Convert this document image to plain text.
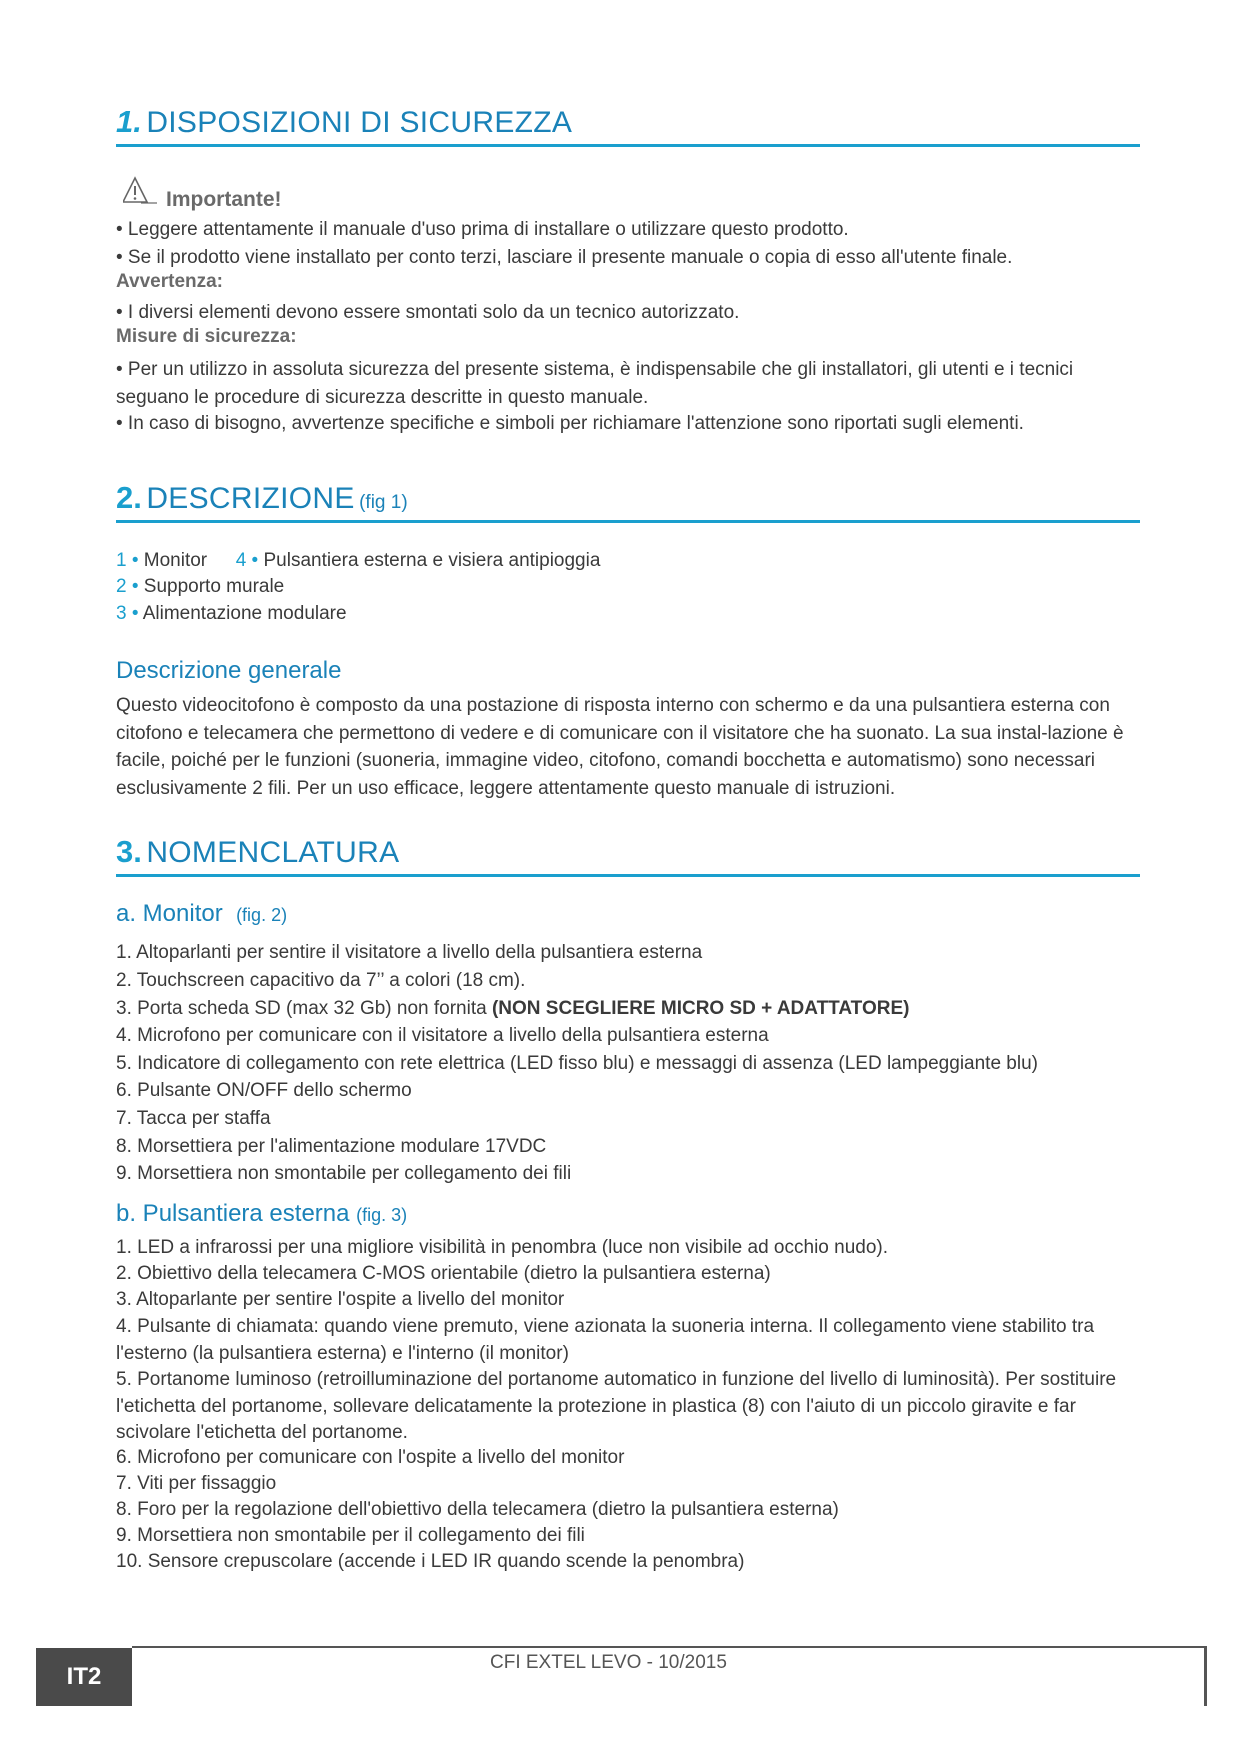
1. DISPOSIZIONI DI SICUREZZA
Importante!
• Leggere attentamente il manuale d'uso prima di installare o utilizzare questo prodotto.
• Se il prodotto viene installato per conto terzi, lasciare il presente manuale o copia di esso all'utente finale.
Avvertenza:
• I diversi elementi devono essere smontati solo da un tecnico autorizzato.
Misure di sicurezza:
• Per un utilizzo in assoluta sicurezza del presente sistema, è indispensabile che gli installatori, gli utenti e i tecnici seguano le procedure di sicurezza descritte in questo manuale.
• In caso di bisogno, avvertenze specifiche e simboli per richiamare l'attenzione sono riportati sugli elementi.
2. DESCRIZIONE (fig 1)
1 • Monitor 4 • Pulsantiera esterna e visiera antipioggia
2 • Supporto murale
3 • Alimentazione modulare
Descrizione generale
Questo videocitofono è composto da una postazione di risposta interno con schermo e da una pulsantiera esterna con citofono e telecamera che permettono di vedere e di comunicare con il visitatore che ha suonato. La sua instal-lazione è facile, poiché per le funzioni (suoneria, immagine video, citofono, comandi bocchetta e automatismo) sono necessari esclusivamente 2 fili. Per un uso efficace, leggere attentamente questo manuale di istruzioni.
3. NOMENCLATURA
a. Monitor (fig. 2)
1. Altoparlanti per sentire il visitatore a livello della pulsantiera esterna
2. Touchscreen capacitivo da 7’’ a colori (18 cm).
3. Porta scheda SD (max 32 Gb) non fornita (NON SCEGLIERE MICRO SD + ADATTATORE)
4. Microfono per comunicare con il visitatore a livello della pulsantiera esterna
5. Indicatore di collegamento con rete elettrica (LED fisso blu) e messaggi di assenza (LED lampeggiante blu)
6. Pulsante ON/OFF dello schermo
7. Tacca per staffa
8. Morsettiera per l'alimentazione modulare 17VDC
9. Morsettiera non smontabile per collegamento dei fili
b. Pulsantiera esterna (fig. 3)
1. LED a infrarossi per una migliore visibilità in penombra (luce non visibile ad occhio nudo).
2. Obiettivo della telecamera C-MOS orientabile (dietro la pulsantiera esterna)
3. Altoparlante per sentire l'ospite a livello del monitor
4. Pulsante di chiamata: quando viene premuto, viene azionata la suoneria interna. Il collegamento viene stabilito tra l'esterno (la pulsantiera esterna) e l'interno (il monitor)
5. Portanome luminoso (retroilluminazione del portanome automatico in funzione del livello di luminosità). Per sostituire l'etichetta del portanome, sollevare delicatamente la protezione in plastica (8) con l'aiuto di un piccolo giravite e far scivolare l'etichetta del portanome.
6. Microfono per comunicare con l'ospite a livello del monitor
7. Viti per fissaggio
8. Foro per la regolazione dell'obiettivo della telecamera (dietro la pulsantiera esterna)
9. Morsettiera non smontabile per il collegamento dei fili
10. Sensore crepuscolare (accende i LED IR quando scende la penombra)
IT2
CFI EXTEL LEVO - 10/2015
